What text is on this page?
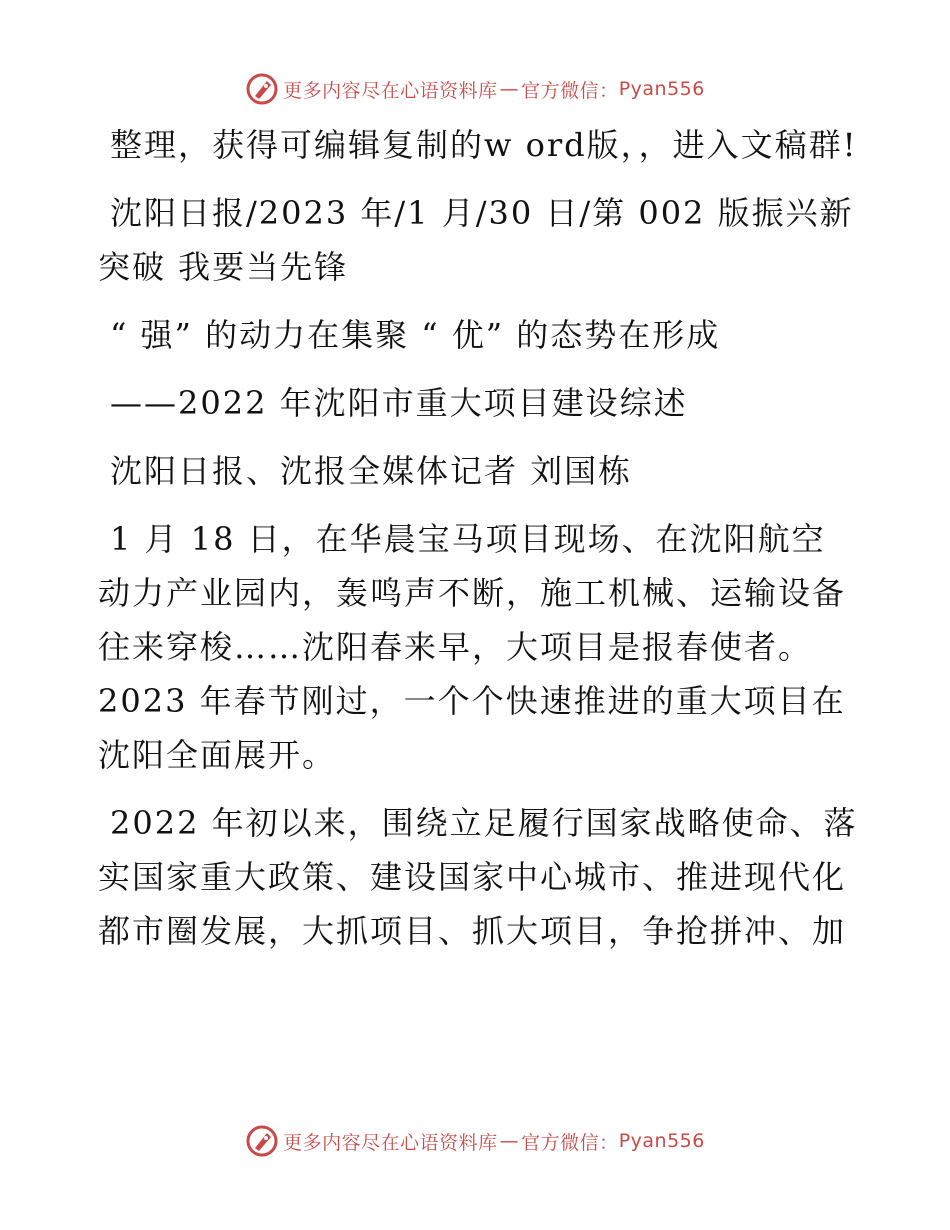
更多内容尽在心语资料库 — 官方微信： Pyan556

整理，获得可编辑复制的w ord版，，进入文稿群!

沈阳日报/2023 年/1 月/30 日/第 002 版振兴新突破 我要当先锋

“ 强” 的动力在集聚 “ 优” 的态势在形成

——2022 年沈阳市重大项目建设综述

沈阳日报、沈报全媒体记者 刘国栋

1 月 18 日，在华晨宝马项目现场、在沈阳航空动力产业园内，轰鸣声不断，施工机械、运输设备往来穿梭……沈阳春来早，大项目是报春使者。2023 年春节刚过，一个个快速推进的重大项目在沈阳全面展开。

2022 年初以来，围绕立足履行国家战略使命、落实国家重大政策、建设国家中心城市、推进现代化都市圈发展，大抓项目、抓大项目，争抢拼冲、加

更多内容尽在心语资料库 — 官方微信： Pyan556
